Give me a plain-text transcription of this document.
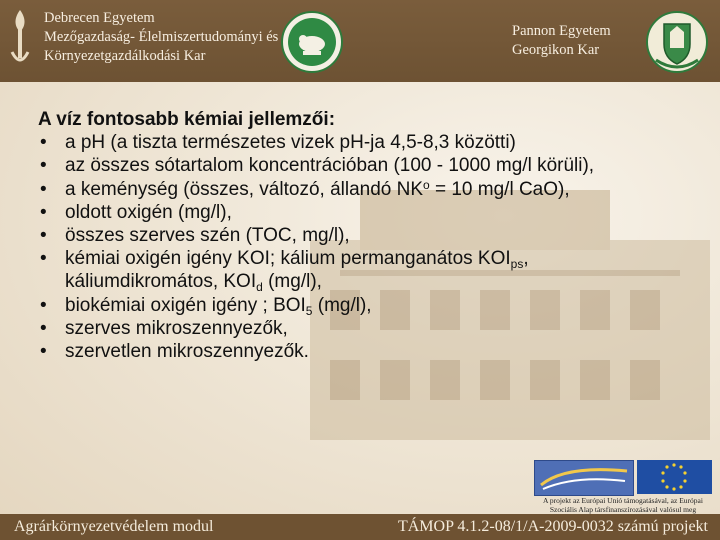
Debrecen Egyetem
Mezőgazdaság- Élelmiszertudományi és
Környezetgazdálkodási Kar
Pannon Egyetem
Georgikon Kar

A víz fontosabb kémiai jellemzői:

• a pH (a tiszta természetes vizek pH-ja 4,5-8,3 közötti)
• az összes sótartalom koncentrációban (100 - 1000 mg/l körüli),
• a keménység (összes, változó, állandó $NK^o = 10$ mg/l CaO),
• oldott oxigén (mg/l),
• összes szerves szén (TOC, mg/l),
• kémiai oxigén igény KOI; kálium permanganátos $KOI_{ps}$, káliumdikromátos, $KOI_d$ (mg/l),
• biokémiai oxigén igény ; $BOI_5$ (mg/l),
• szerves mikroszennyezők,
• szervetlen mikroszennyezők.
A projekt az Európai Unió támogatásával, az Európai Szociális Alap társfinanszírozásával valósul meg
Agrárkörnyezetvédelem modul	TÁMOP 4.1.2-08/1/A-2009-0032 számú projekt
